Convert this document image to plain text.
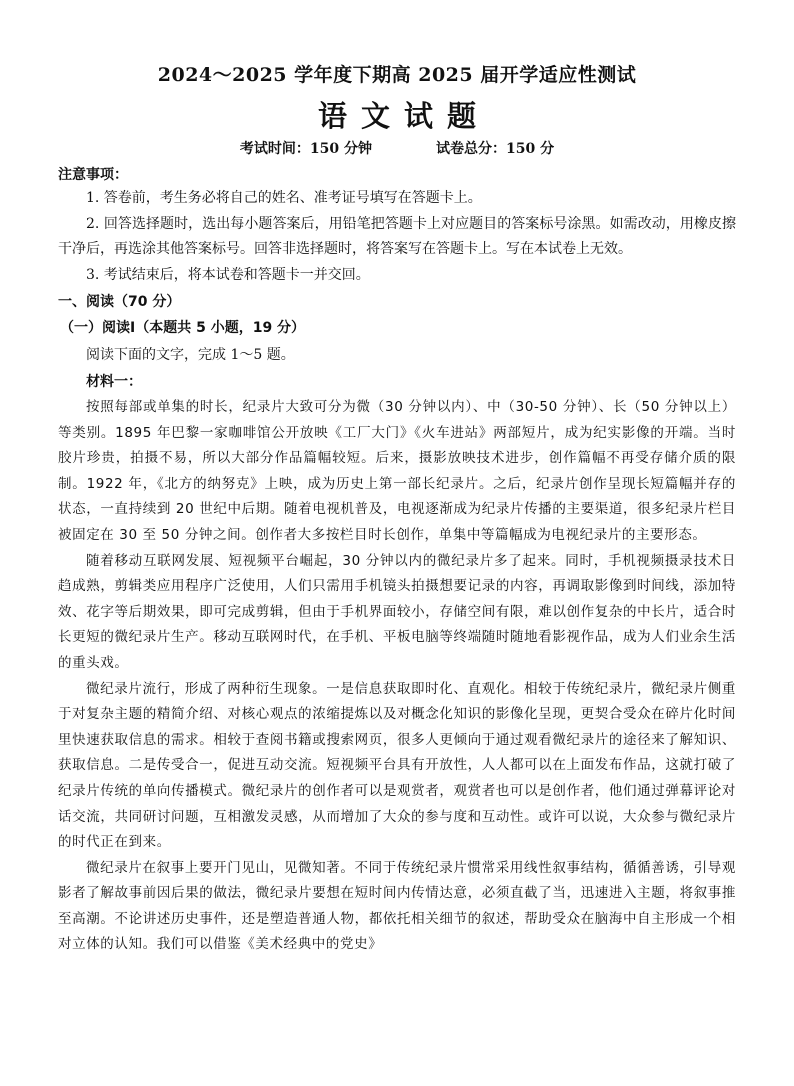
2024～2025 学年度下期高 2025 届开学适应性测试
语文试题
考试时间：150 分钟	试卷总分：150 分

注意事项：

1. 答卷前，考生务必将自己的姓名、准考证号填写在答题卡上。

2. 回答选择题时，选出每小题答案后，用铅笔把答题卡上对应题目的答案标号涂黑。如需改动，用橡皮擦干净后，再选涂其他答案标号。回答非选择题时，将答案写在答题卡上。写在本试卷上无效。

3. 考试结束后，将本试卷和答题卡一并交回。

一、阅读（70 分）

（一）阅读Ⅰ（本题共 5 小题，19 分）

阅读下面的文字，完成 1～5 题。

材料一：

按照每部或单集的时长，纪录片大致可分为微（30 分钟以内）、中（30-50 分钟）、长（50 分钟以上）等类别。1895 年巴黎一家咖啡馆公开放映《工厂大门》《火车进站》两部短片，成为纪实影像的开端。当时胶片珍贵，拍摄不易，所以大部分作品篇幅较短。后来，摄影放映技术进步，创作篇幅不再受存储介质的限制。1922 年，《北方的纳努克》上映，成为历史上第一部长纪录片。之后，纪录片创作呈现长短篇幅并存的状态，一直持续到 20 世纪中后期。随着电视机普及，电视逐渐成为纪录片传播的主要渠道，很多纪录片栏目被固定在 30 至 50 分钟之间。创作者大多按栏目时长创作，单集中等篇幅成为电视纪录片的主要形态。

随着移动互联网发展、短视频平台崛起，30 分钟以内的微纪录片多了起来。同时，手机视频摄录技术日趋成熟，剪辑类应用程序广泛使用，人们只需用手机镜头拍摄想要记录的内容，再调取影像到时间线，添加特效、花字等后期效果，即可完成剪辑，但由于手机界面较小，存储空间有限，难以创作复杂的中长片，适合时长更短的微纪录片生产。移动互联网时代，在手机、平板电脑等终端随时随地看影视作品，成为人们业余生活的重头戏。

微纪录片流行，形成了两种衍生现象。一是信息获取即时化、直观化。相较于传统纪录片，微纪录片侧重于对复杂主题的精简介绍、对核心观点的浓缩提炼以及对概念化知识的影像化呈现，更契合受众在碎片化时间里快速获取信息的需求。相较于查阅书籍或搜索网页，很多人更倾向于通过观看微纪录片的途径来了解知识、获取信息。二是传受合一，促进互动交流。短视频平台具有开放性，人人都可以在上面发布作品，这就打破了纪录片传统的单向传播模式。微纪录片的创作者可以是观赏者，观赏者也可以是创作者，他们通过弹幕评论对话交流，共同研讨问题，互相激发灵感，从而增加了大众的参与度和互动性。或许可以说，大众参与微纪录片的时代正在到来。

微纪录片在叙事上要开门见山，见微知著。不同于传统纪录片惯常采用线性叙事结构，循循善诱，引导观影者了解故事前因后果的做法，微纪录片要想在短时间内传情达意，必须直截了当，迅速进入主题，将叙事推至高潮。不论讲述历史事件，还是塑造普通人物，都依托相关细节的叙述，帮助受众在脑海中自主形成一个相对立体的认知。我们可以借鉴《美术经典中的党史》
